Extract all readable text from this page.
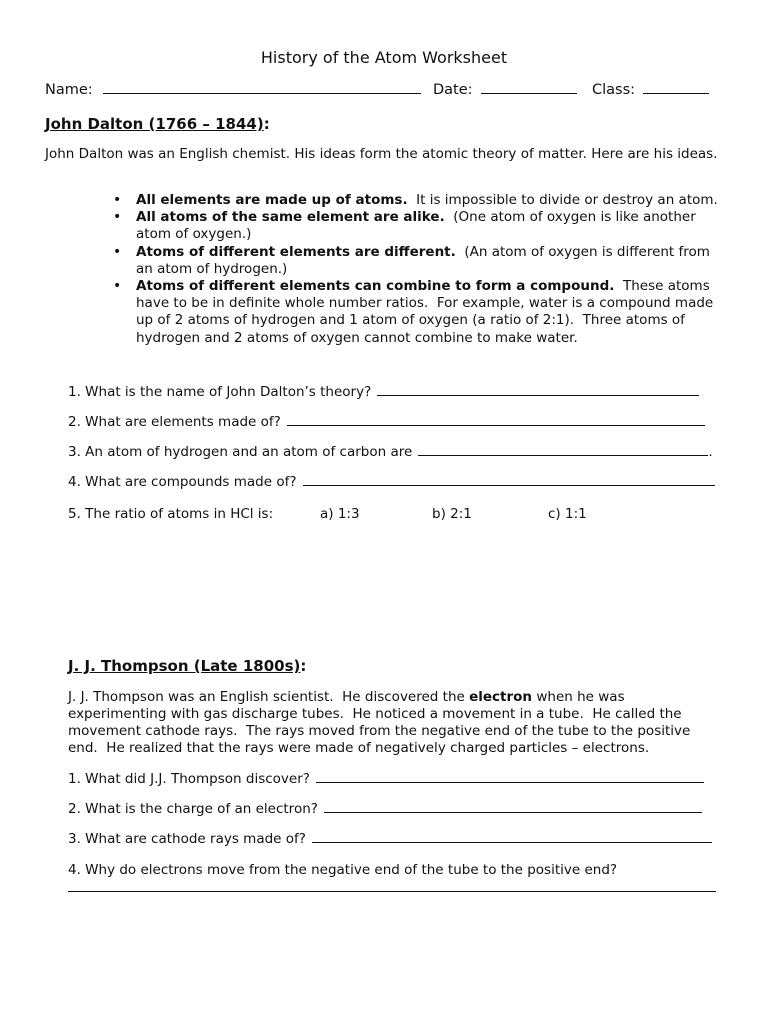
History of the Atom Worksheet
Name:	Date:	Class:
John Dalton (1766 – 1844):
John Dalton was an English chemist. His ideas form the atomic theory of matter. Here are his ideas.
• All elements are made up of atoms.  It is impossible to divide or destroy an atom.
• All atoms of the same element are alike.  (One atom of oxygen is like another atom of oxygen.)
• Atoms of different elements are different.  (An atom of oxygen is different from an atom of hydrogen.)
• Atoms of different elements can combine to form a compound.  These atoms have to be in definite whole number ratios.  For example, water is a compound made up of 2 atoms of hydrogen and 1 atom of oxygen (a ratio of 2:1).  Three atoms of hydrogen and 2 atoms of oxygen cannot combine to make water.
1. What is the name of John Dalton’s theory?
2. What are elements made of?
3. An atom of hydrogen and an atom of carbon are	.
4. What are compounds made of?
5. The ratio of atoms in HCl is:	a) 1:3	b) 2:1	c) 1:1
J. J. Thompson (Late 1800s):
J. J. Thompson was an English scientist.  He discovered the electron when he was experimenting with gas discharge tubes.  He noticed a movement in a tube.  He called the movement cathode rays.  The rays moved from the negative end of the tube to the positive end.  He realized that the rays were made of negatively charged particles – electrons.
1. What did J.J. Thompson discover?
2. What is the charge of an electron?
3. What are cathode rays made of?
4. Why do electrons move from the negative end of the tube to the positive end?
